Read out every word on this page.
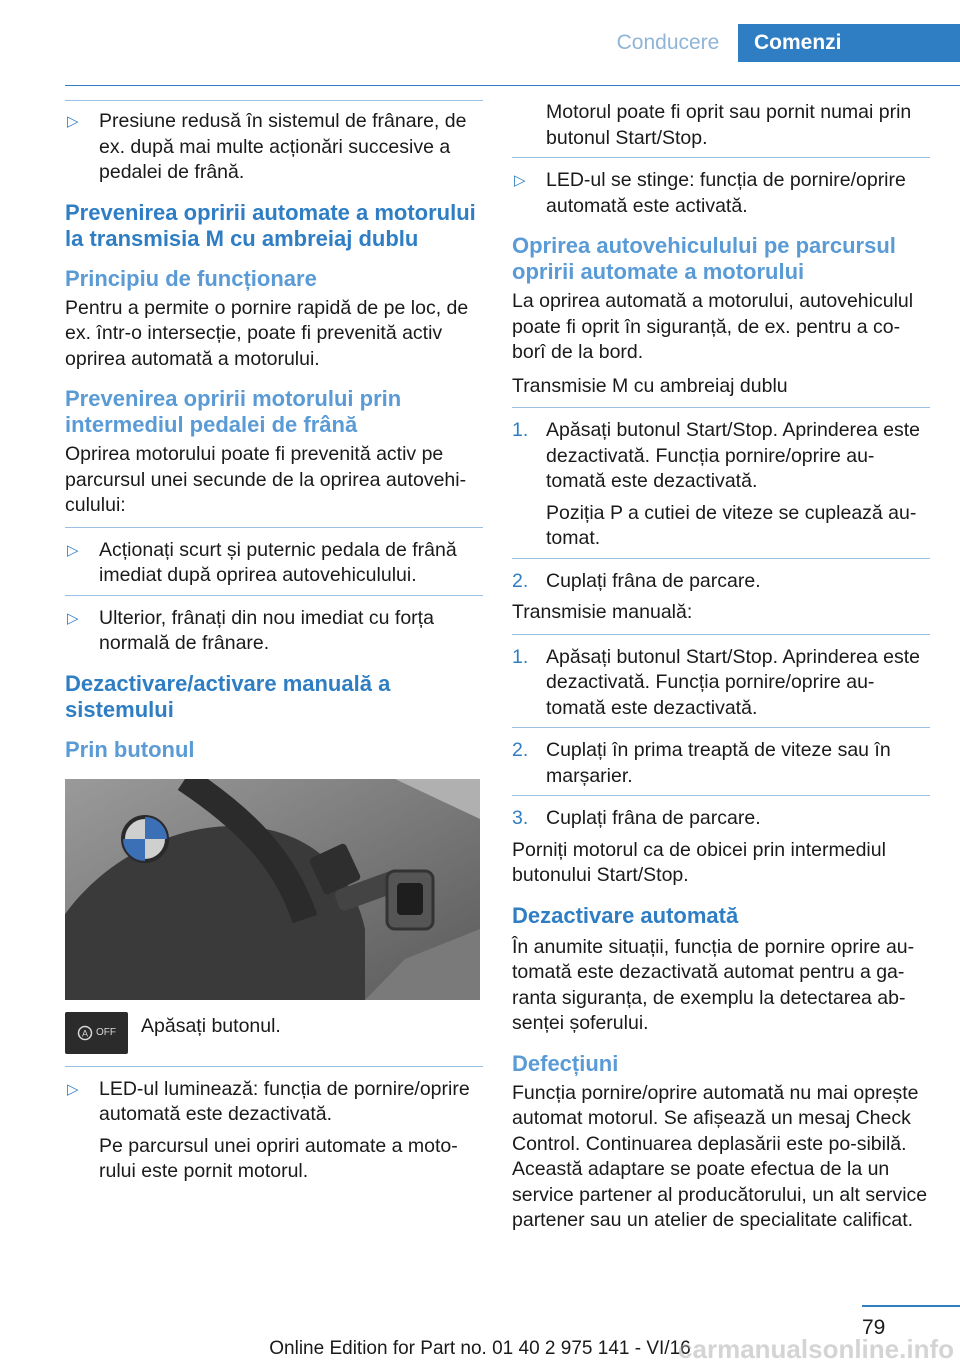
Conducere	Comenzi
▷ Presiune redusă în sistemul de frânare, de ex. după mai multe acționări succesive a pedalei de frână.
Prevenirea opririi automate a motorului la transmisia M cu ambreiaj dublu
Principiu de funcționare

Pentru a permite o pornire rapidă de pe loc, de ex. într-o intersecție, poate fi prevenită activ oprirea automată a motorului.

Prevenirea opririi motorului prin intermediul pedalei de frână

Oprirea motorului poate fi prevenită activ pe parcursul unei secunde de la oprirea autovehi-culului:

▷ Acționați scurt și puternic pedala de frână imediat după oprirea autovehiculului.
▷ Ulterior, frânați din nou imediat cu forța normală de frânare.
Dezactivare/activare manuală a sistemului
Prin butonul
A OFF Apăsați butonul.
▷ LED-ul luminează: funcția de pornire/oprire automată este dezactivată.

Pe parcursul unei opriri automate a moto-rului este pornit motorul.

Motorul poate fi oprit sau pornit numai prin butonul Start/Stop.

▷ LED-ul se stinge: funcția de pornire/oprire automată este activată.
Oprirea autovehiculului pe parcursul opririi automate a motorului

La oprirea automată a motorului, autovehiculul poate fi oprit în siguranță, de ex. pentru a co-borî de la bord.

Transmisie M cu ambreiaj dublu

1. Apăsați butonul Start/Stop. Aprinderea este dezactivată. Funcția pornire/oprire au-tomată este dezactivată.

Poziția P a cutiei de viteze se cuplează au-tomat.

2. Cuplați frâna de parcare.

Transmisie manuală:

1. Apăsați butonul Start/Stop. Aprinderea este dezactivată. Funcția pornire/oprire au-tomată este dezactivată.
2. Cuplați în prima treaptă de viteze sau în marșarier.
3. Cuplați frâna de parcare.

Porniți motorul ca de obicei prin intermediul butonului Start/Stop.

Dezactivare automată

În anumite situații, funcția de pornire oprire au-tomată este dezactivată automat pentru a ga-ranta siguranța, de exemplu la detectarea ab-senței șoferului.

Defecțiuni

Funcția pornire/oprire automată nu mai oprește automat motorul. Se afișează un mesaj Check Control. Continuarea deplasării este po-sibilă. Această adaptare se poate efectua de la un service partener al producătorului, un alt service partener sau un atelier de specialitate calificat.

79
Online Edition for Part no. 01 40 2 975 141 - VI/16
carmanualsonline.info
